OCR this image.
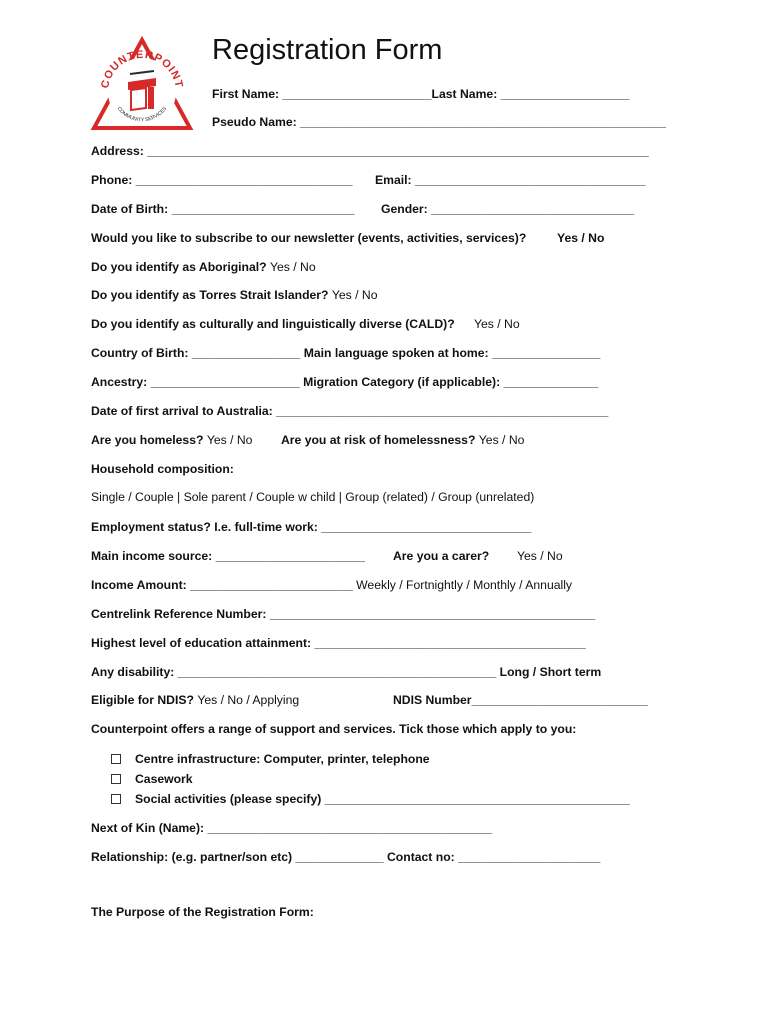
COUNTERPOINT
COMMUNITY SERVICES
Registration Form
First Name: ______________________Last Name: ___________________
Pseudo Name: ______________________________________________________
Address: __________________________________________________________________________
Phone: ________________________________ Email: __________________________________
Date of Birth: ___________________________ Gender: ______________________________
Would you like to subscribe to our newsletter (events, activities, services)?	Yes / No
Do you identify as Aboriginal? Yes / No
Do you identify as Torres Strait Islander? Yes / No
Do you identify as culturally and linguistically diverse (CALD)? Yes / No
Country of Birth: ________________ Main language spoken at home: ________________
Ancestry: ______________________ Migration Category (if applicable): ______________
Date of first arrival to Australia: _________________________________________________
Are you homeless? Yes / No Are you at risk of homelessness? Yes / No
Household composition:
Single / Couple | Sole parent / Couple w child | Group (related) / Group (unrelated)
Employment status? I.e. full-time work: _______________________________
Main income source: ______________________ Are you a carer? Yes / No
Income Amount: ________________________ Weekly / Fortnightly / Monthly / Annually
Centrelink Reference Number: ________________________________________________
Highest level of education attainment: ________________________________________
Any disability: _______________________________________________ Long / Short term
Eligible for NDIS? Yes / No / Applying	NDIS Number__________________________
Counterpoint offers a range of support and services. Tick those which apply to you:
Centre infrastructure: Computer, printer, telephone
Casework
Social activities (please specify) _____________________________________________
Next of Kin (Name): __________________________________________
Relationship: (e.g. partner/son etc) _____________ Contact no: _____________________
The Purpose of the Registration Form:
